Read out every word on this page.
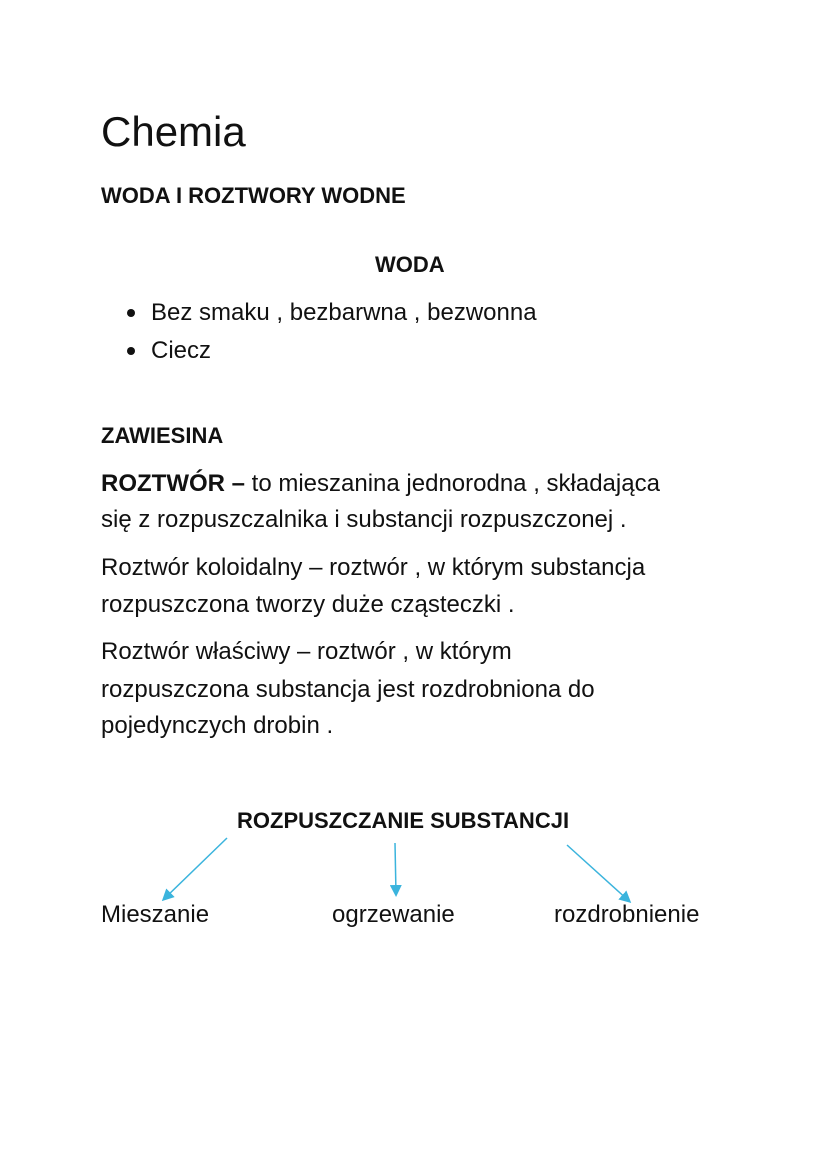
Chemia
WODA I ROZTWORY WODNE
WODA
Bez smaku , bezbarwna , bezwonna
Ciecz
ZAWIESINA
ROZTWÓR – to mieszanina jednorodna , składająca
się z rozpuszczalnika i substancji rozpuszczonej .
Roztwór koloidalny – roztwór , w którym substancja
rozpuszczona tworzy duże cząsteczki .
Roztwór właściwy – roztwór , w którym
rozpuszczona substancja jest rozdrobniona do
pojedynczych drobin .
ROZPUSZCZANIE SUBSTANCJI
Mieszanie	ogrzewanie	rozdrobnienie
